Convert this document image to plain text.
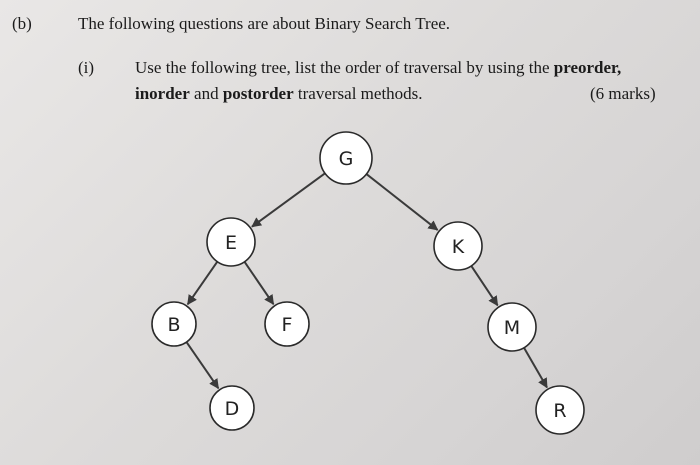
(b)	The following questions are about Binary Search Tree.
(i) Use the following tree, list the order of traversal by using the preorder,
inorder and postorder traversal methods.	(6 marks)
G
E	K
B	F	M
D	R
